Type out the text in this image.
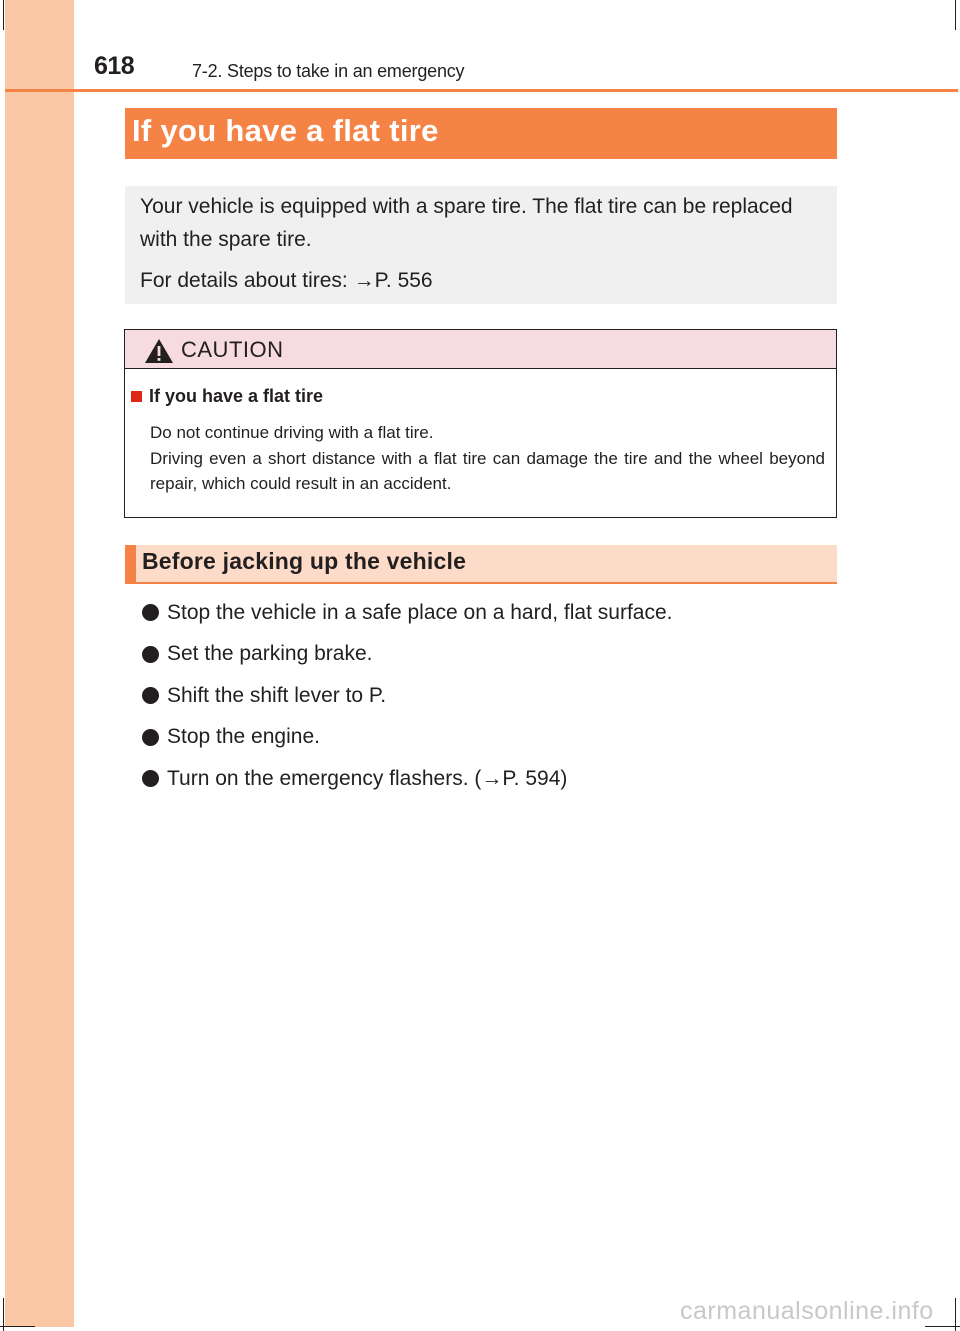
618	7-2. Steps to take in an emergency
If you have a flat tire
Your vehicle is equipped with a spare tire. The flat tire can be replaced with the spare tire.
For details about tires: →P. 556
CAUTION
If you have a flat tire
Do not continue driving with a flat tire.
Driving even a short distance with a flat tire can damage the tire and the wheel beyond repair, which could result in an accident.
Before jacking up the vehicle
Stop the vehicle in a safe place on a hard, flat surface.
Set the parking brake.
Shift the shift lever to P.
Stop the engine.
Turn on the emergency flashers. (→P. 594)
carmanualsonline.info
